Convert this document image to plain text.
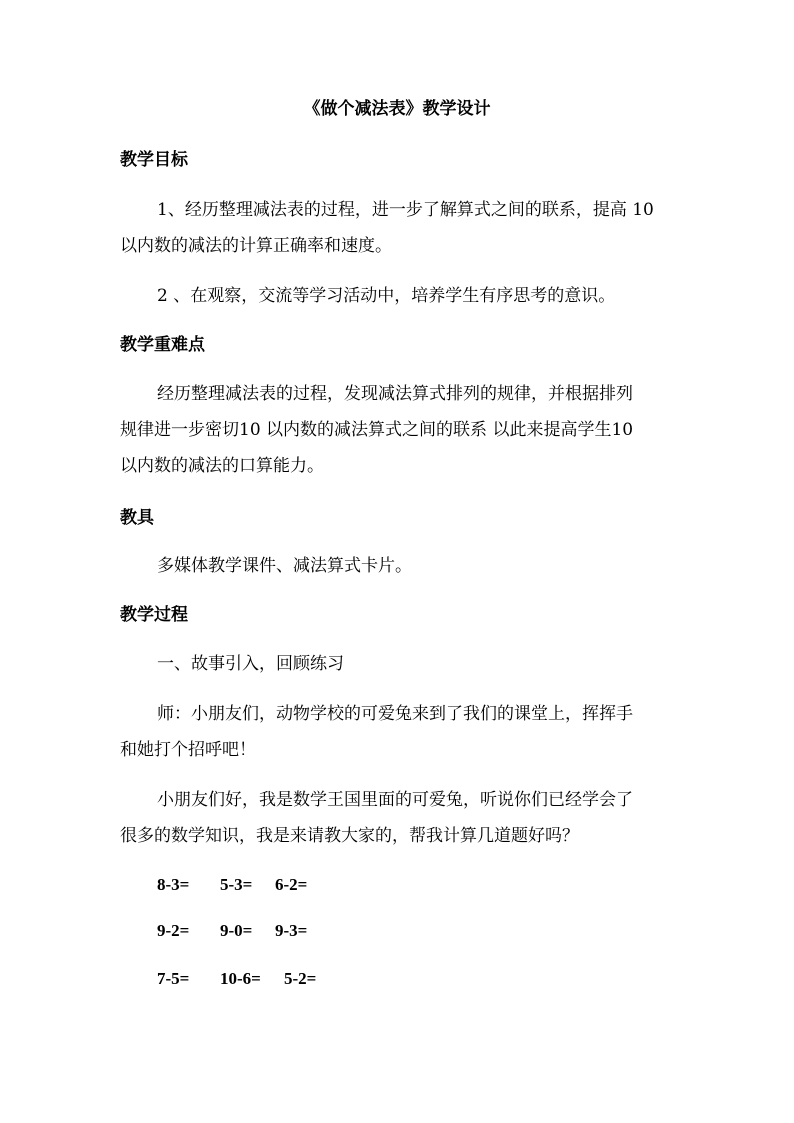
《做个减法表》教学设计
教学目标
1、经历整理减法表的过程，进一步了解算式之间的联系，提高 10
以内数的减法的计算正确率和速度。
2 、在观察，交流等学习活动中，培养学生有序思考的意识。
教学重难点
经历整理减法表的过程，发现减法算式排列的规律，并根据排列
规律进一步密切10 以内数的减法算式之间的联系 以此来提高学生10
以内数的减法的口算能力。
教具
多媒体教学课件、减法算式卡片。
教学过程
一、故事引入，回顾练习
师：小朋友们，动物学校的可爱兔来到了我们的课堂上，挥挥手
和她打个招呼吧！
小朋友们好，我是数学王国里面的可爱兔，听说你们已经学会了
很多的数学知识，我是来请教大家的，帮我计算几道题好吗？
8-3= 5-3= 6-2=
9-2= 9-0= 9-3=
7-5= 10-6= 5-2=
